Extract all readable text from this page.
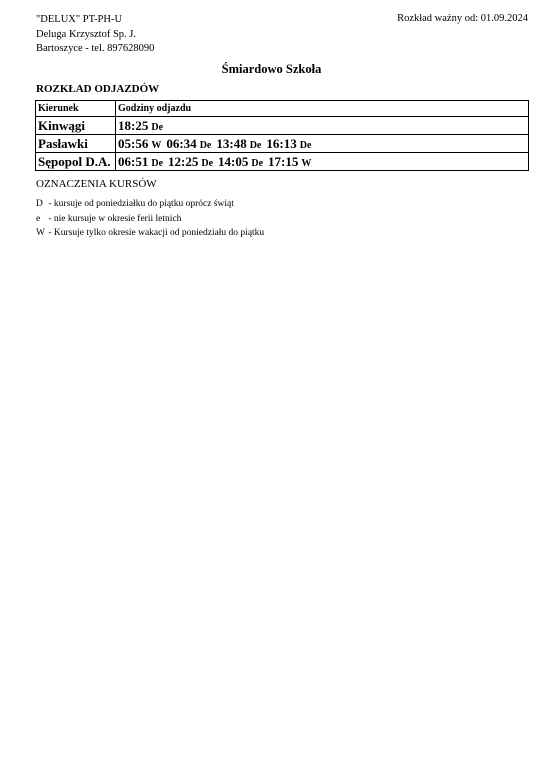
"DELUX" PT-PH-U
Deluga Krzysztof Sp. J.
Bartoszyce - tel. 897628090
Rozkład ważny od: 01.09.2024
Śmiardowo Szkoła
ROZKŁAD ODJAZDÓW
Kierunek	Godziny odjazdu
Kinwągi	18:25 De
Pasławki	05:56 W 06:34 De 13:48 De 16:13 De
Sępopol D.A.	06:51 De 12:25 De 14:05 De 17:15 W
OZNACZENIA KURSÓW
D - kursuje od poniedziałku do piątku oprócz świąt
e - nie kursuje w okresie ferii letnich
W - Kursuje tylko okresie wakacji od poniedziału do piątku
